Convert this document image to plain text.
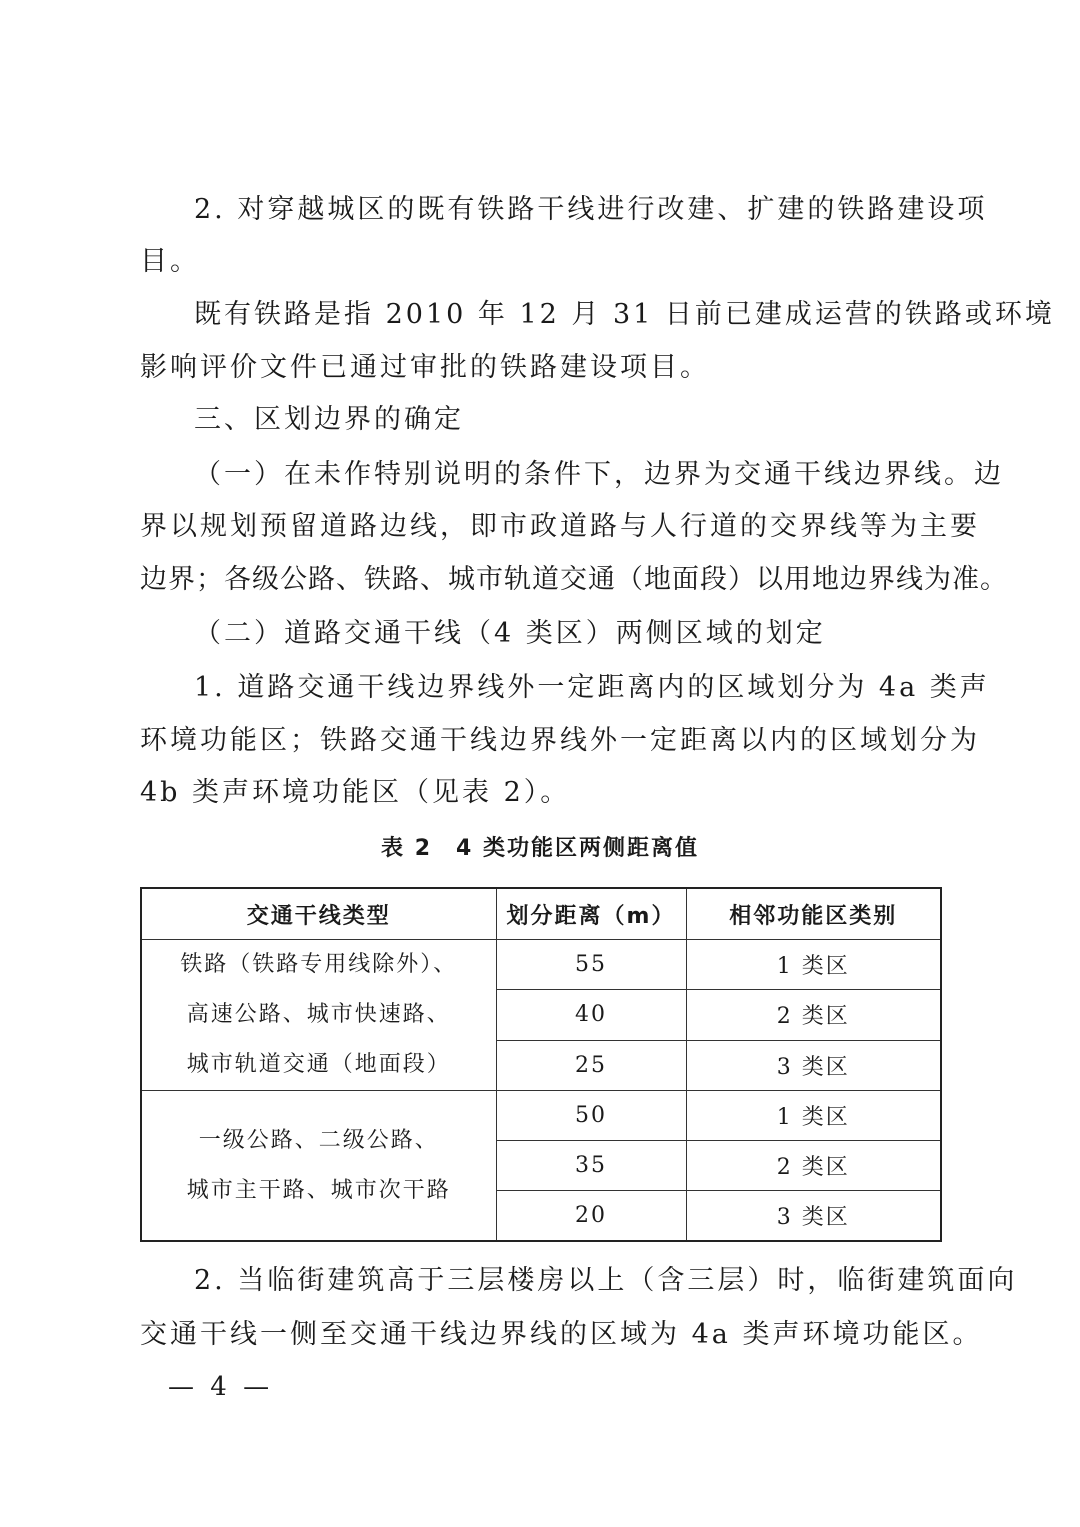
2. 对穿越城区的既有铁路干线进行改建、扩建的铁路建设项
目。
既有铁路是指 2010 年 12 月 31 日前已建成运营的铁路或环境
影响评价文件已通过审批的铁路建设项目。
三、区划边界的确定
（一）在未作特别说明的条件下，边界为交通干线边界线。边
界以规划预留道路边线，即市政道路与人行道的交界线等为主要
边界；各级公路、铁路、城市轨道交通（地面段）以用地边界线为准。
（二）道路交通干线（4 类区）两侧区域的划定
1. 道路交通干线边界线外一定距离内的区域划分为 4a 类声
环境功能区；铁路交通干线边界线外一定距离以内的区域划分为
4b 类声环境功能区（见表 2）。
表 2　4 类功能区两侧距离值
交通干线类型	划分距离（m）	相邻功能区类别

铁路（铁路专用线除外）、
高速公路、城市快速路、
城市轨道交通（地面段）	55	1 类区
	40	2 类区
	25	3 类区

一级公路、二级公路、
城市主干路、城市次干路	50	1 类区
	35	2 类区
	20	3 类区
2. 当临街建筑高于三层楼房以上（含三层）时，临街建筑面向
交通干线一侧至交通干线边界线的区域为 4a 类声环境功能区。
— 4 —
